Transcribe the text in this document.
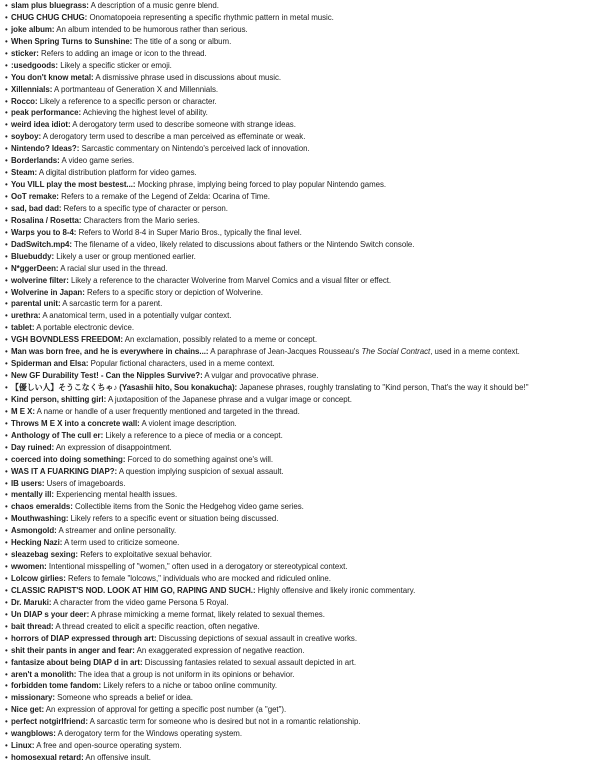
• slam plus bluegrass: A description of a music genre blend.
• CHUG CHUG CHUG: Onomatopoeia representing a specific rhythmic pattern in metal music.
• joke album: An album intended to be humorous rather than serious.
• When Spring Turns to Sunshine: The title of a song or album.
• sticker: Refers to adding an image or icon to the thread.
• :usedgoods: Likely a specific sticker or emoji.
• You don't know metal: A dismissive phrase used in discussions about music.
• Xillennials: A portmanteau of Generation X and Millennials.
• Rocco: Likely a reference to a specific person or character.
• peak performance: Achieving the highest level of ability.
• weird idea idiot: A derogatory term used to describe someone with strange ideas.
• soyboy: A derogatory term used to describe a man perceived as effeminate or weak.
• Nintendo? Ideas?: Sarcastic commentary on Nintendo's perceived lack of innovation.
• Borderlands: A video game series.
• Steam: A digital distribution platform for video games.
• You VILL play the most bestest...: Mocking phrase, implying being forced to play popular Nintendo games.
• OoT remake: Refers to a remake of the Legend of Zelda: Ocarina of Time.
• sad, bad dad: Refers to a specific type of character or person.
• Rosalina / Rosetta: Characters from the Mario series.
• Warps you to 8-4: Refers to World 8-4 in Super Mario Bros., typically the final level.
• DadSwitch.mp4: The filename of a video, likely related to discussions about fathers or the Nintendo Switch console.
• Bluebuddy: Likely a user or group mentioned earlier.
• N*ggerDeen: A racial slur used in the thread.
• wolverine filter: Likely a reference to the character Wolverine from Marvel Comics and a visual filter or effect.
• Wolverine in Japan: Refers to a specific story or depiction of Wolverine.
• parental unit: A sarcastic term for a parent.
• urethra: A anatomical term, used in a potentially vulgar context.
• tablet: A portable electronic device.
• VGH BOVNDLESS FREEDOM: An exclamation, possibly related to a meme or concept.
• Man was born free, and he is everywhere in chains...: A paraphrase of Jean-Jacques Rousseau's The Social Contract, used in a meme context.
• Spiderman and Elsa: Popular fictional characters, used in a meme context.
• New GF Durability Test! - Can the Nipples Survive?: A vulgar and provocative phrase.
• 【優しい人】そうこなくちゃ♪ (Yasashii hito, Sou konakucha): Japanese phrases, roughly translating to "Kind person, That's the way it should be!"
• Kind person, shitting girl: A juxtaposition of the Japanese phrase and a vulgar image or concept.
• M E X: A name or handle of a user frequently mentioned and targeted in the thread.
• Throws M E X into a concrete wall: A violent image description.
• Anthology of The cull er: Likely a reference to a piece of media or a concept.
• Day ruined: An expression of disappointment.
• coerced into doing something: Forced to do something against one's will.
• WAS IT A FUARKING DIAP?: A question implying suspicion of sexual assault.
• IB users: Users of imageboards.
• mentally ill: Experiencing mental health issues.
• chaos emeralds: Collectible items from the Sonic the Hedgehog video game series.
• Mouthwashing: Likely refers to a specific event or situation being discussed.
• Asmongold: A streamer and online personality.
• Hecking Nazi: A term used to criticize someone.
• sleazebag sexing: Refers to exploitative sexual behavior.
• wwomen: Intentional misspelling of "women," often used in a derogatory or stereotypical context.
• Lolcow girlies: Refers to female "lolcows," individuals who are mocked and ridiculed online.
• CLASSIC RAPIST'S NOD. LOOK AT HIM GO, RAPING AND SUCH.: Highly offensive and likely ironic commentary.
• Dr. Maruki: A character from the video game Persona 5 Royal.
• Un DIAP s your deer: A phrase mimicking a meme format, likely related to sexual themes.
• bait thread: A thread created to elicit a specific reaction, often negative.
• horrors of DIAP expressed through art: Discussing depictions of sexual assault in creative works.
• shit their pants in anger and fear: An exaggerated expression of negative reaction.
• fantasize about being DIAP d in art: Discussing fantasies related to sexual assault depicted in art.
• aren't a monolith: The idea that a group is not uniform in its opinions or behavior.
• forbidden tome fandom: Likely refers to a niche or taboo online community.
• missionary: Someone who spreads a belief or idea.
• Nice get: An expression of approval for getting a specific post number (a "get").
• perfect notgirlfriend: A sarcastic term for someone who is desired but not in a romantic relationship.
• wangblows: A derogatory term for the Windows operating system.
• Linux: A free and open-source operating system.
• homosexual retard: An offensive insult.
